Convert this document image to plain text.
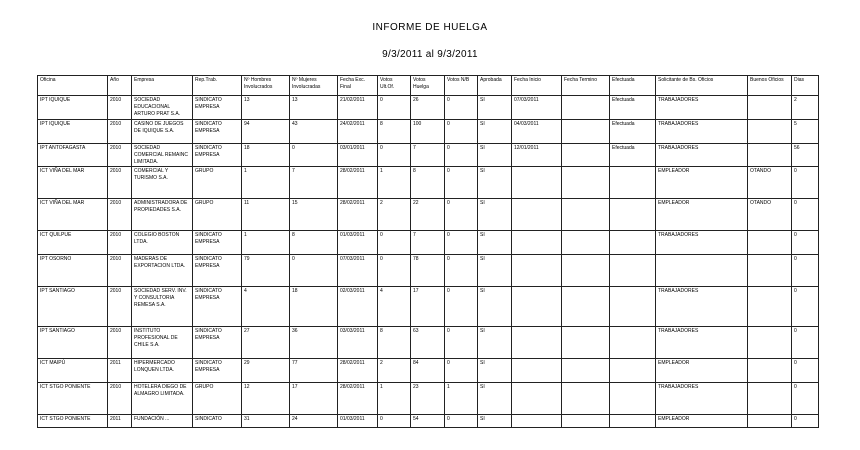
INFORME DE HUELGA
9/3/2011 al 9/3/2011
Oficina	Año	Empresa	Rep.Trab.	Nº Hombres Involucrados	Nº Mujeres Involucradas	Fecha Exc. Final	Votos Ult.Of.	Votos Huelga	Votos N/B	Aprobada	Fecha Inicio	Fecha Termino	Efectuada	Solicitante de Bs. Oficios	Buenos Oficios	Dias
IPT IQUIQUE	2010	SOCIEDAD EDUCACIONAL ARTURO PRAT S.A.	SINDICATO EMPRESA	13	13	21/02/2011	0	26	0	SI	07/03/2011		Efectuada	TRABAJADORES		2
IPT IQUIQUE	2010	CASINO DE JUEGOS DE IQUIQUE S.A.	SINDICATO EMPRESA	94	43	24/02/2011	8	100	0	SI	04/03/2011		Efectuada	TRABAJADORES		5
IPT ANTOFAGASTA	2010	SOCIEDAD COMERCIAL REMAINC LIMITADA.	SINDICATO EMPRESA	18	0	03/01/2011	0	7	0	SI	12/01/2011		Efectuada	TRABAJADORES		56
ICT VIÑA DEL MAR	2010	COMERCIAL Y TURISMO S.A.	GRUPO	1	7	28/02/2011	1	8	0	SI				EMPLEADOR	OTANDO	0
ICT VIÑA DEL MAR	2010	ADMINISTRADORA DE PROPIEDADES S.A.	GRUPO	11	15	28/02/2011	2	22	0	SI				EMPLEADOR	OTANDO	0
ICT QUILPUE	2010	COLEGIO BOSTON LTDA.	SINDICATO EMPRESA	1	8	01/03/2011	0	7	0	SI				TRABAJADORES		0
IPT OSORNO	2010	MADERAS DE EXPORTACION LTDA.	SINDICATO EMPRESA	79	0	07/03/2011	0	78	0	SI						0
IPT SANTIAGO	2010	SOCIEDAD SERV. INV. Y CONSULTORIA REMESA S.A.	SINDICATO EMPRESA	4	18	02/03/2011	4	17	0	SI				TRABAJADORES		0
IPT SANTIAGO	2010	INSTITUTO PROFESIONAL DE CHILE S.A.	SINDICATO EMPRESA	27	36	03/03/2011	8	63	0	SI				TRABAJADORES		0
ICT MAIPÚ	2011	HIPERMERCADO LONQUEN LTDA.	SINDICATO EMPRESA	29	77	28/02/2011	2	84	0	SI				EMPLEADOR		0
ICT STGO PONIENTE	2010	HOTELERA DIEGO DE ALMAGRO LIMITADA.	GRUPO	12	17	28/02/2011	1	23	1	SI				TRABAJADORES		0
ICT STGO PONIENTE	2011	FUNDACIÓN ...	SINDICATO	31	24	01/03/2011	0	54	0	SI				EMPLEADOR		0
